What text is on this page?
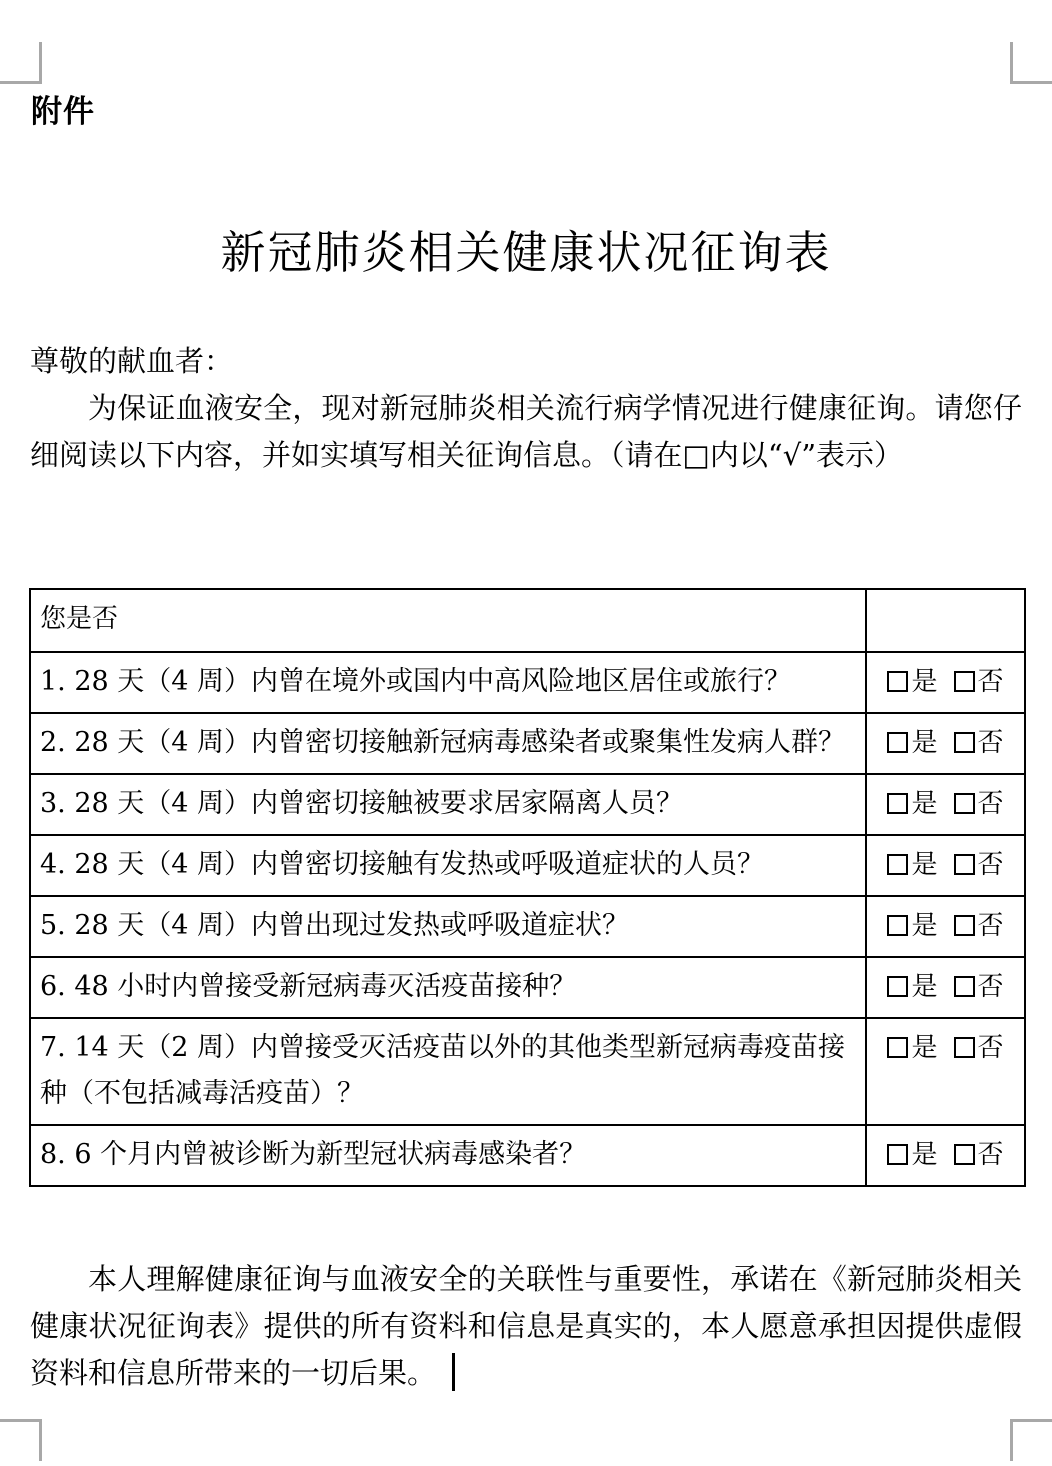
附件
新冠肺炎相关健康状况征询表
尊敬的献血者：
为保证血液安全，现对新冠肺炎相关流行病学情况进行健康征询。请您仔细阅读以下内容，并如实填写相关征询信息。（请在□内以“√”表示）
您是否	

1. 28 天（4 周）内曾在境外或国内中高风险地区居住或旅行？	是 否

2. 28 天（4 周）内曾密切接触新冠病毒感染者或聚集性发病人群？	是 否

3. 28 天（4 周）内曾密切接触被要求居家隔离人员？	是 否

4. 28 天（4 周）内曾密切接触有发热或呼吸道症状的人员？	是 否

5. 28 天（4 周）内曾出现过发热或呼吸道症状？	是 否

6. 48 小时内曾接受新冠病毒灭活疫苗接种？	是 否

7. 14 天（2 周）内曾接受灭活疫苗以外的其他类型新冠病毒疫苗接种（不包括减毒活疫苗）？	是 否

8. 6 个月内曾被诊断为新型冠状病毒感染者？	是 否
本人理解健康征询与血液安全的关联性与重要性，承诺在《新冠肺炎相关健康状况征询表》提供的所有资料和信息是真实的，本人愿意承担因提供虚假资料和信息所带来的一切后果。
